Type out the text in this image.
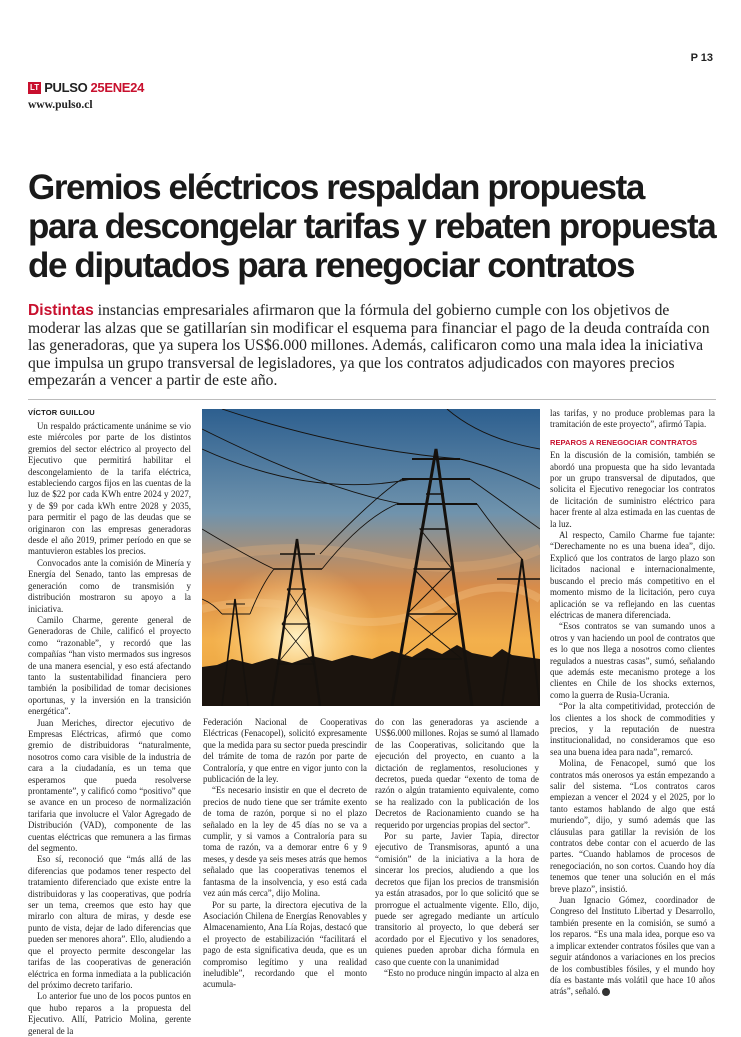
P 13
LT PULSO 25ENE24
www.pulso.cl
Gremios eléctricos respaldan propuesta para descongelar tarifas y rebaten propuesta de diputados para renegociar contratos

Distintas instancias empresariales afirmaron que la fórmula del gobierno cumple con los objetivos de moderar las alzas que se gatillarían sin modificar el esquema para financiar el pago de la deuda contraída con las generadoras, que ya supera los US$6.000 millones. Además, calificaron como una mala idea la iniciativa que impulsa un grupo transversal de legisladores, ya que los contratos adjudicados con mayores precios empezarán a vencer a partir de este año.

VÍCTOR GUILLOU

Un respaldo prácticamente unánime se vio este miércoles por parte de los distintos gremios del sector eléctrico al proyecto del Ejecutivo que permitirá habilitar el descongelamiento de la tarifa eléctrica, estableciendo cargos fijos en las cuentas de la luz de $22 por cada KWh entre 2024 y 2027, y de $9 por cada kWh entre 2028 y 2035, para permitir el pago de las deudas que se originaron con las empresas generadoras desde el año 2019, primer período en que se mantuvieron estables los precios.

Convocados ante la comisión de Minería y Energía del Senado, tanto las empresas de generación como de transmisión y distribución mostraron su apoyo a la iniciativa.

Camilo Charme, gerente general de Generadoras de Chile, calificó el proyecto como “razonable”, y recordó que las compañías “han visto mermados sus ingresos de una manera esencial, y eso está afectando tanto la sustentabilidad financiera pero también la posibilidad de tomar decisiones oportunas, y la inversión en la transición energética”.

Juan Meriches, director ejecutivo de Empresas Eléctricas, afirmó que como gremio de distribuidoras “naturalmente, nosotros como cara visible de la industria de cara a la ciudadanía, es un tema que esperamos que pueda resolverse prontamente”, y calificó como “positivo” que se avance en un proceso de normalización tarifaria que involucre el Valor Agregado de Distribución (VAD), componente de las cuentas eléctricas que remunera a las firmas del segmento.

Eso sí, reconoció que “más allá de las diferencias que podamos tener respecto del tratamiento diferenciado que existe entre la distribuidoras y las cooperativas, que podría ser un tema, creemos que esto hay que mirarlo con altura de miras, y desde ese punto de vista, dejar de lado diferencias que pueden ser menores ahora”. Ello, aludiendo a que el proyecto permite descongelar las tarifas de las cooperativas de generación eléctrica en forma inmediata a la publicación del próximo decreto tarifario.

Lo anterior fue uno de los pocos puntos en que hubo reparos a la propuesta del Ejecutivo. Allí, Patricio Molina, gerente general de la

Federación Nacional de Cooperativas Eléctricas (Fenacopel), solicitó expresamente que la medida para su sector pueda prescindir del trámite de toma de razón por parte de Contraloría, y que entre en vigor junto con la publicación de la ley.

“Es necesario insistir en que el decreto de precios de nudo tiene que ser trámite exento de toma de razón, porque si no el plazo señalado en la ley de 45 días no se va a cumplir, y si vamos a Contraloría para su toma de razón, va a demorar entre 6 y 9 meses, y desde ya seis meses atrás que hemos señalado que las cooperativas tenemos el fantasma de la insolvencia, y eso está cada vez aún más cerca”, dijo Molina.

Por su parte, la directora ejecutiva de la Asociación Chilena de Energías Renovables y Almacenamiento, Ana Lía Rojas, destacó que el proyecto de estabilización “facilitará el pago de esta significativa deuda, que es un compromiso legítimo y una realidad ineludible”, recordando que el monto acumula-

do con las generadoras ya asciende a US$6.000 millones. Rojas se sumó al llamado de las Cooperativas, solicitando que la ejecución del proyecto, en cuanto a la dictación de reglamentos, resoluciones y decretos, pueda quedar “exento de toma de razón o algún tratamiento equivalente, como se ha realizado con la publicación de los Decretos de Racionamiento cuando se ha requerido por urgencias propias del sector”.

Por su parte, Javier Tapia, director ejecutivo de Transmisoras, apuntó a una “omisión” de la iniciativa a la hora de sincerar los precios, aludiendo a que los decretos que fijan los precios de transmisión ya están atrasados, por lo que solicitó que se prorrogue el actualmente vigente. Ello, dijo, puede ser agregado mediante un artículo transitorio al proyecto, lo que deberá ser acordado por el Ejecutivo y los senadores, quienes pueden aprobar dicha fórmula en caso que cuente con la unanimidad

“Esto no produce ningún impacto al alza en

las tarifas, y no produce problemas para la tramitación de este proyecto”, afirmó Tapia.

REPAROS A RENEGOCIAR CONTRATOS

En la discusión de la comisión, también se abordó una propuesta que ha sido levantada por un grupo transversal de diputados, que solicita el Ejecutivo renegociar los contratos de licitación de suministro eléctrico para hacer frente al alza estimada en las cuentas de la luz.

Al respecto, Camilo Charme fue tajante: “Derechamente no es una buena idea”, dijo. Explicó que los contratos de largo plazo son licitados nacional e internacionalmente, buscando el precio más competitivo en el momento mismo de la licitación, pero cuya aplicación se va reflejando en las cuentas eléctricas de manera diferenciada.

“Esos contratos se van sumando unos a otros y van haciendo un pool de contratos que es lo que nos llega a nosotros como clientes regulados a nuestras casas”, sumó, señalando que además este mecanismo protege a los clientes en Chile de los shocks externos, como la guerra de Rusia-Ucrania.

“Por la alta competitividad, protección de los clientes a los shock de commodities y precios, y la reputación de nuestra institucionalidad, no consideramos que eso sea una buena idea para nada”, remarcó.

Molina, de Fenacopel, sumó que los contratos más onerosos ya están empezando a salir del sistema. “Los contratos caros empiezan a vencer el 2024 y el 2025, por lo tanto estamos hablando de algo que está muriendo”, dijo, y sumó además que las cláusulas para gatillar la revisión de los contratos debe contar con el acuerdo de las partes. “Cuando hablamos de procesos de renegociación, no son cortos. Cuando hoy día tenemos que tener una solución en el más breve plazo”, insistió.

Juan Ignacio Gómez, coordinador de Congreso del Instituto Libertad y Desarrollo, también presente en la comisión, se sumó a los reparos. “Es una mala idea, porque eso va a implicar extender contratos fósiles que van a seguir atándonos a variaciones en los precios de los combustibles fósiles, y el mundo hoy día es bastante más volátil que hace 10 años atrás”, señaló.
